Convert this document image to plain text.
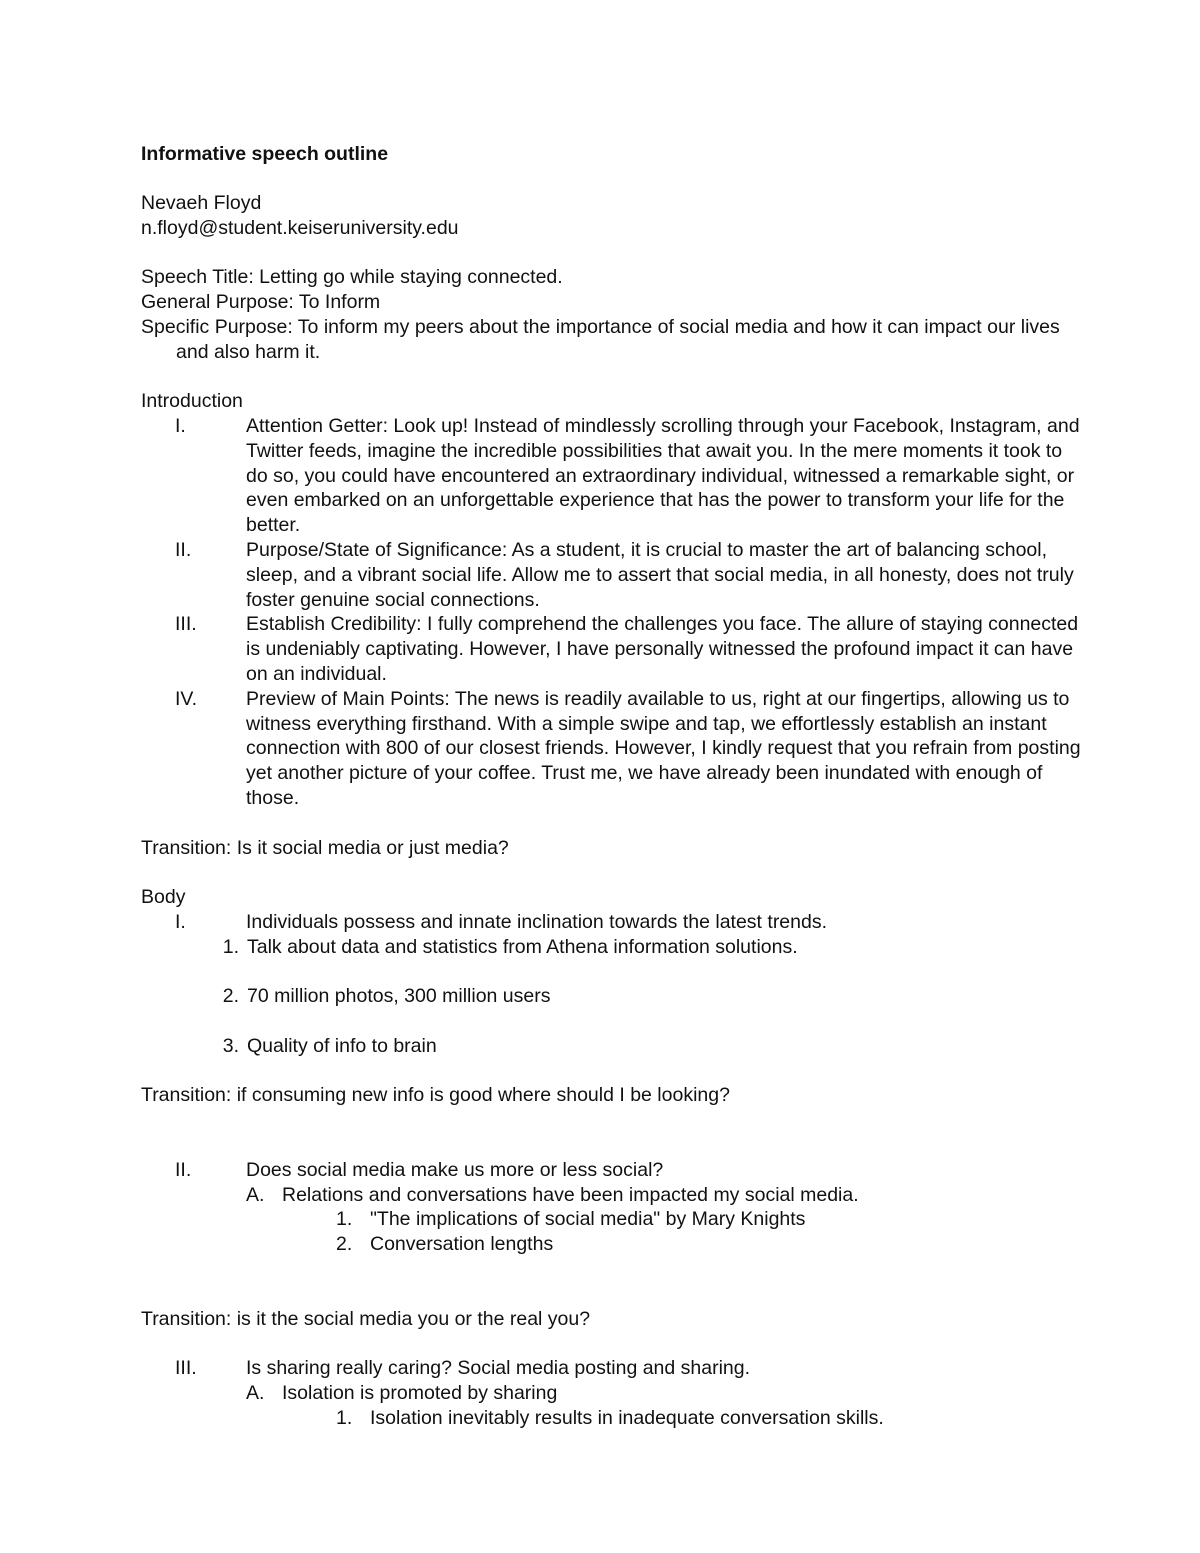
Informative speech outline
Nevaeh Floyd
n.floyd@student.keiseruniversity.edu
Speech Title: Letting go while staying connected.
General Purpose: To Inform
Specific Purpose: To inform my peers about the importance of social media and how it can impact our lives and also harm it.
Introduction
I.	Attention Getter: Look up! Instead of mindlessly scrolling through your Facebook, Instagram, and Twitter feeds, imagine the incredible possibilities that await you. In the mere moments it took to do so, you could have encountered an extraordinary individual, witnessed a remarkable sight, or even embarked on an unforgettable experience that has the power to transform your life for the better.
II.	Purpose/State of Significance: As a student, it is crucial to master the art of balancing school, sleep, and a vibrant social life. Allow me to assert that social media, in all honesty, does not truly foster genuine social connections.
III.	Establish Credibility: I fully comprehend the challenges you face. The allure of staying connected is undeniably captivating. However, I have personally witnessed the profound impact it can have on an individual.
IV.	Preview of Main Points: The news is readily available to us, right at our fingertips, allowing us to witness everything firsthand. With a simple swipe and tap, we effortlessly establish an instant connection with 800 of our closest friends. However, I kindly request that you refrain from posting yet another picture of your coffee. Trust me, we have already been inundated with enough of those.
Transition: Is it social media or just media?
Body
I.	Individuals possess and innate inclination towards the latest trends.
1. Talk about data and statistics from Athena information solutions.
2. 70 million photos, 300 million users
3. Quality of info to brain
Transition: if consuming new info is good where should I be looking?
II.	Does social media make us more or less social?
A. Relations and conversations have been impacted my social media.
1. "The implications of social media" by Mary Knights
2. Conversation lengths
Transition: is it the social media you or the real you?
III.	Is sharing really caring? Social media posting and sharing.
A. Isolation is promoted by sharing
1. Isolation inevitably results in inadequate conversation skills.
